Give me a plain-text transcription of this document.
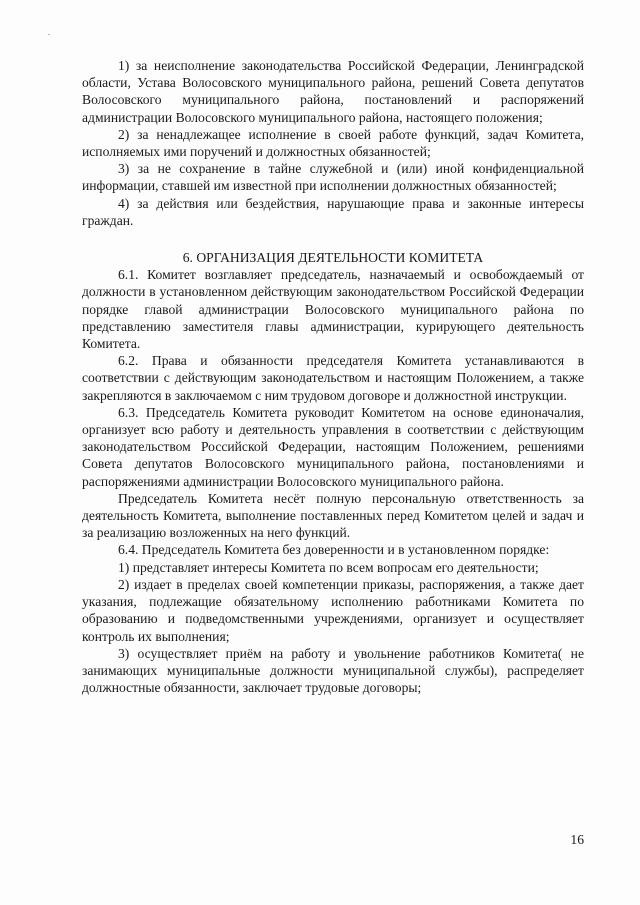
1) за неисполнение законодательства Российской Федерации, Ленинградской области, Устава Волосовского муниципального района, решений Совета депутатов Волосовского муниципального района, постановлений и распоряжений администрации Волосовского муниципального района, настоящего положения;

2) за ненадлежащее исполнение в своей работе функций, задач Комитета, исполняемых ими поручений и должностных обязанностей;

3) за не сохранение в тайне служебной и (или) иной конфиденциальной информации, ставшей им известной при исполнении должностных обязанностей;

4) за действия или бездействия, нарушающие права и законные интересы граждан.

6. ОРГАНИЗАЦИЯ ДЕЯТЕЛЬНОСТИ КОМИТЕТА

6.1. Комитет возглавляет председатель, назначаемый и освобождаемый от должности в установленном действующим законодательством Российской Федерации порядке главой администрации Волосовского муниципального района по представлению заместителя главы администрации, курирующего деятельность Комитета.

6.2. Права и обязанности председателя Комитета устанавливаются в соответствии с действующим законодательством и настоящим Положением, а также закрепляются в заключаемом с ним трудовом договоре и должностной инструкции.

6.3. Председатель Комитета руководит Комитетом на основе единоначалия, организует всю работу и деятельность управления в соответствии с действующим законодательством Российской Федерации, настоящим Положением, решениями Совета депутатов Волосовского муниципального района, постановлениями и распоряжениями администрации Волосовского муниципального района.

Председатель Комитета несёт полную персональную ответственность за деятельность Комитета, выполнение поставленных перед Комитетом целей и задач и за реализацию возложенных на него функций.

6.4. Председатель Комитета без доверенности и в установленном порядке:

1) представляет интересы Комитета по всем вопросам его деятельности;

2) издает в пределах своей компетенции приказы, распоряжения, а также дает указания, подлежащие обязательному исполнению работниками Комитета по образованию и подведомственными учреждениями, организует и осуществляет контроль их выполнения;

3) осуществляет приём на работу и увольнение работников Комитета( не занимающих муниципальные должности муниципальной службы), распределяет должностные обязанности, заключает трудовые договоры;

16
